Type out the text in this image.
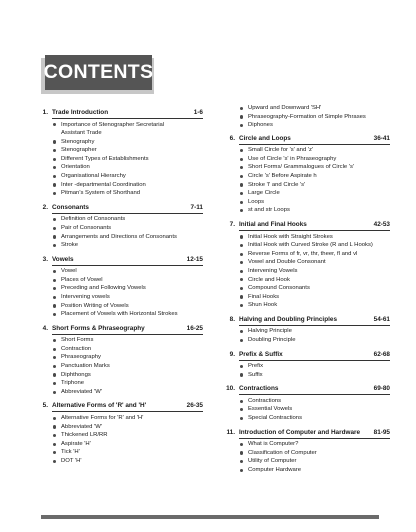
CONTENTS
1. Trade Introduction	1-6
Importance of Stenographer Secretarial
Assistant Trade
Stenography
Stenographer
Different Types of Establishments
Orientation
Organisational Hierarchy
Inter -departmental Coordination
Pitman's System of Shorthand
2. Consonants	7-11
Definition of Consonants
Pair of Consonants
Arrangements and Directions of Consonants
Stroke
3. Vowels	12-15
Vowel
Places of Vowel
Preceding and Following Vowels
Intervening vowels
Position Writing of Vowels
Placement of Vowels with Horizontal Strokes
4. Short Forms & Phraseography	16-25
Short Forms
Contraction
Phraseography
Panctuation Marks
Diphthongs
Triphone
Abbreviated 'W'
5. Alternative Forms of 'R' and 'H'	26-35
Alternative Forms for 'R' and 'H'
Abbreviated 'W'
Thickened LR/RR
Aspirate 'H'
Tick 'H'
DOT 'H'
Upward and Downward 'SH'
Phraseography-Formation of Simple Phrases
Diphones
6. Circle and Loops	36-41
Small Circle for 's' and 'z'
Use of Circle 's' in Phraseography
Short Forms/ Grammalogues of Circle 's'
Circle 's' Before Aspirate h
Stroke 'l' and Circle 's'
Large Circle
Loops
st and str Loops
7. Initial and Final Hooks	42-53
Initial Hook with Straight Strokes
Initial Hook with Curved Stroke (R and L Hooks)
Reverse Forms of fr, vr, thr, theer, fl and vl
Vowel and Double Consonant
Intervening Vowels
Circle and Hook
Compound Consonants
Final Hooks
Shun Hook
8. Halving and Doubling Principles	54-61
Halving Principle
Doubling Principle
9. Prefix & Suffix	62-68
Prefix
Suffix
10. Contractions	69-80
Contractions
Essential Vowels
Special Contractions
11. Introduction of Computer and Hardware	81-95
What is Computer?
Classification of Computer
Utility of Computer
Computer Hardware
